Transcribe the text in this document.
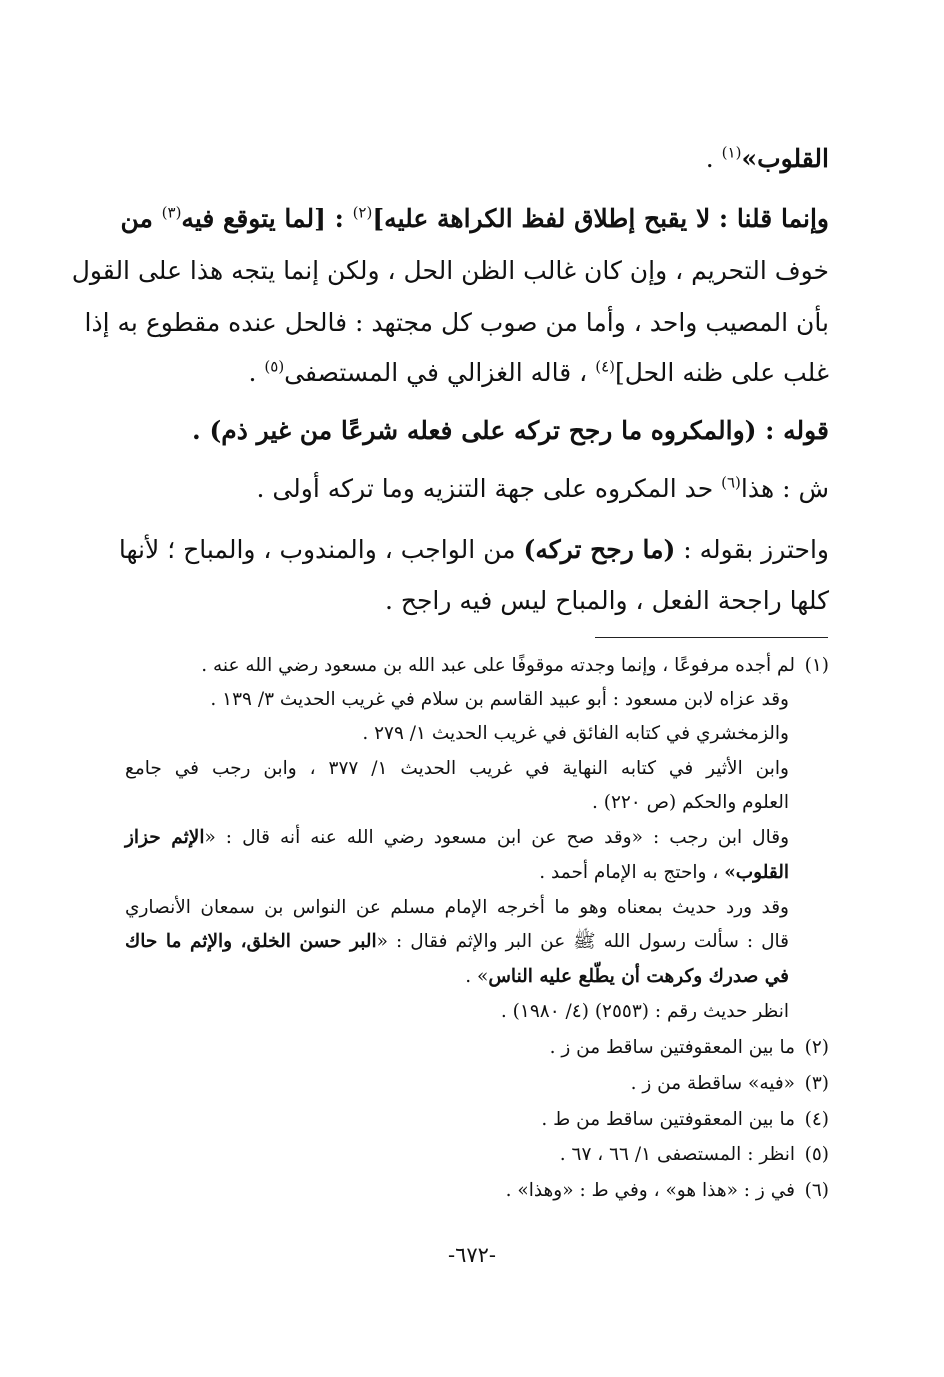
القلوب»$^{(١)}$ .
وإنما قلنا : لا يقبح إطلاق لفظ الكراهة عليه]$^{(٢)}$ : [لما يتوقع فيه$^{(٣)}$ من
خوف التحريم ، وإن كان غالب الظن الحل ، ولكن إنما يتجه هذا على القول
بأن المصيب واحد ، وأما من صوب كل مجتهد : فالحل عنده مقطوع به إذا
غلب على ظنه الحل]$^{(٤)}$ ، قاله الغزالي في المستصفى$^{(٥)}$ .
قوله : (والمكروه ما رجح تركه على فعله شرعًا من غير ذم) .
ش : هذا$^{(٦)}$ حد المكروه على جهة التنزيه وما تركه أولى .
واحترز بقوله : (ما رجح تركه) من الواجب ، والمندوب ، والمباح ؛ لأنها
كلها راجحة الفعل ، والمباح ليس فيه راجح .
(١)لم أجده مرفوعًا ، وإنما وجدته موقوفًا على عبد الله بن مسعود رضي الله عنه .
وقد عزاه لابن مسعود : أبو عبيد القاسم بن سلام في غريب الحديث ٣/ ١٣٩ .
والزمخشري في كتابه الفائق في غريب الحديث ١/ ٢٧٩ .
وابن الأثير في كتابه النهاية في غريب الحديث ١/ ٣٧٧ ، وابن رجب في جامع
العلوم والحكم (ص ٢٢٠) .
وقال ابن رجب : «وقد صح عن ابن مسعود رضي الله عنه أنه قال : «الإثم حزاز
القلوب» ، واحتج به الإمام أحمد .
وقد ورد حديث بمعناه وهو ما أخرجه الإمام مسلم عن النواس بن سمعان الأنصاري
قال : سألت رسول الله ﷺ عن البر والإثم فقال : «البر حسن الخلق، والإثم ما حاك
في صدرك وكرهت أن يطّلع عليه الناس» .
انظر حديث رقم : (٢٥٥٣) (٤/ ١٩٨٠) .
(٢)ما بين المعقوفتين ساقط من ز .
(٣)«فيه» ساقطة من ز .
(٤)ما بين المعقوفتين ساقط من ط .
(٥)انظر : المستصفى ١/ ٦٦ ، ٦٧ .
(٦)في ز : «هذا هو» ، وفي ط : «وهذا» .
-٦٧٢-
